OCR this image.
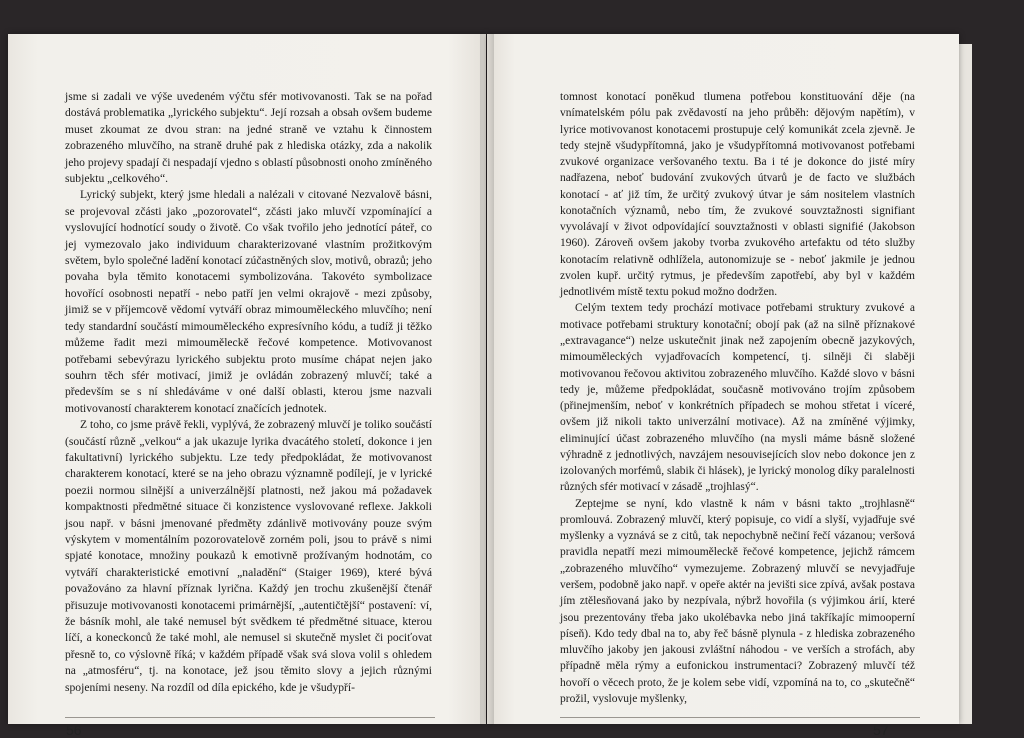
jsme si zadali ve výše uvedeném výčtu sfér motivovanosti. Tak se na pořad dostává problematika „lyrického subjektu“. Její rozsah a obsah ovšem budeme muset zkoumat ze dvou stran: na jedné straně ve vztahu k činnostem zobrazeného mluvčího, na straně druhé pak z hlediska otázky, zda a nakolik jeho projevy spadají či nespadají vjedno s oblastí působnosti onoho zmíněného subjektu „celkového“.

Lyrický subjekt, který jsme hledali a nalézali v citované Nezvalově básni, se projevoval zčásti jako „pozorovatel“, zčásti jako mluvčí vzpomínající a vyslovující hodnotící soudy o životě. Co však tvořilo jeho jednotící páteř, co jej vymezovalo jako individuum charakterizované vlastním prožitkovým světem, bylo společné ladění konotací zúčastněných slov, motivů, obrazů; jeho povaha byla těmito konotacemi symbolizována. Takovéto symbolizace hovořící osobnosti nepatří - nebo patří jen velmi okrajově - mezi způsoby, jimiž se v příjemcově vědomí vytváří obraz mimouměleckého mluvčího; není tedy standardní součástí mimouměleckého expresívního kódu, a tudíž ji těžko můžeme řadit mezi mimouměleckě řečové kompetence. Motivovanost potřebami sebevýrazu lyrického subjektu proto musíme chápat nejen jako souhrn těch sfér motivací, jimiž je ovládán zobrazený mluvčí; také a především se s ní shledáváme v oné další oblasti, kterou jsme nazvali motivovaností charakterem konotací značících jednotek.

Z toho, co jsme právě řekli, vyplývá, že zobrazený mluvčí je toliko součástí (součástí různě „velkou“ a jak ukazuje lyrika dvacátého století, dokonce i jen fakultativní) lyrického subjektu. Lze tedy předpokládat, že motivovanost charakterem konotací, které se na jeho obrazu významně podílejí, je v lyrické poezii normou silnější a univerzálnější platnosti, než jakou má požadavek kompaktnosti předmětné situace či konzistence vyslovované reflexe. Jakkoli jsou např. v básni jmenované předměty zdánlivě motivovány pouze svým výskytem v momentálním pozorovatelově zorném poli, jsou to právě s nimi spjaté konotace, množiny poukazů k emotivně prožívaným hodnotám, co vytváří charakteristické emotivní „naladění“ (Staiger 1969), které bývá považováno za hlavní příznak lyričnа. Každý jen trochu zkušenější čtenář přisuzuje motivovanosti konotacemi primárnější, „autentičtější“ postavení: ví, že básník mohl, ale také nemusel být svědkem té předmětné situace, kterou líčí, a koneckonců že také mohl, ale nemusel si skutečně myslet či pociťovat přesně to, co výslovně říká; v každém případě však svá slova volil s ohledem na „atmosféru“, tj. na konotace, jež jsou těmito slovy a jejich různými spojeními neseny. Na rozdíl od díla epického, kde je všudypří-

56

tomnost konotací poněkud tlumena potřebou konstituování děje (na vnímatelském pólu pak zvědavostí na jeho průběh: dějovým napětím), v lyrice motivovanost konotacemi prostupuje celý komunikát zcela zjevně. Je tedy stejně všudypřítomná, jako je všudypřítomná motivovanost potřebami zvukové organizace veršovaného textu. Ba i té je dokonce do jisté míry nadřazena, neboť budování zvukových útvarů je de facto ve službách konotací - ať již tím, že určitý zvukový útvar je sám nositelem vlastních konotačních významů, nebo tím, že zvukové souvztažnosti signifiant vyvolávají v život odpovídající souvztažnosti v oblasti signifié (Jakobson 1960). Zároveň ovšem jakoby tvorba zvukového artefaktu od této služby konotacím relativně odhlížela, autonomizuje se - neboť jakmile je jednou zvolen kupř. určitý rytmus, je především zapotřebí, aby byl v každém jednotlivém místě textu pokud možno dodržen.

Celým textem tedy prochází motivace potřebami struktury zvukové a motivace potřebami struktury konotační; obojí pak (až na silně příznakové „extravagance“) nelze uskutečnit jinak než zapojením obecně jazykových, mimouměleckých vyjadřovacích kompetencí, tj. silněji či slaběji motivovanou řečovou aktivitou zobrazeného mluvčího. Každé slovo v básni tedy je, můžeme předpokládat, současně motivováno trojím způsobem (přinejmenším, neboť v konkrétních případech se mohou střetat i víceré, ovšem již nikoli takto univerzální motivace). Až na zmíněné výjimky, eliminující účast zobrazeného mluvčího (na mysli máme básně složené výhradně z jednotlivých, navzájem nesouvisejících slov nebo dokonce jen z izolovaných morfémů, slabik či hlásek), je lyrický monolog díky paralelnosti různých sfér motivací v zásadě „trojhlasý“.

Zeptejme se nyní, kdo vlastně k nám v básni takto „trojhlasně“ promlouvá. Zobrazený mluvčí, který popisuje, co vidí a slyší, vyjadřuje své myšlenky a vyznává se z citů, tak nepochybně nečiní řečí vázanou; veršová pravidla nepatří mezi mimouměleckě řečové kompetence, jejichž rámcem „zobrazeného mluvčího“ vymezujeme. Zobrazený mluvčí se nevyjadřuje veršem, podobně jako např. v opeře aktér na jevišti sice zpívá, avšak postava jím ztělesňovaná jako by nezpívala, nýbrž hovořila (s výjimkou árií, které jsou prezentovány třeba jako ukolébavka nebo jiná takříkajíc mimooperní píseň). Kdo tedy dbal na to, aby řeč básně plynula - z hlediska zobrazeného mluvčího jakoby jen jakousi zvláštní náhodou - ve verších a strofách, aby případně měla rýmy a eufonickou instrumentaci? Zobrazený mluvčí též hovoří o věcech proto, že je kolem sebe vidí, vzpomíná na to, co „skutečně“ prožil, vyslovuje myšlenky,

57
